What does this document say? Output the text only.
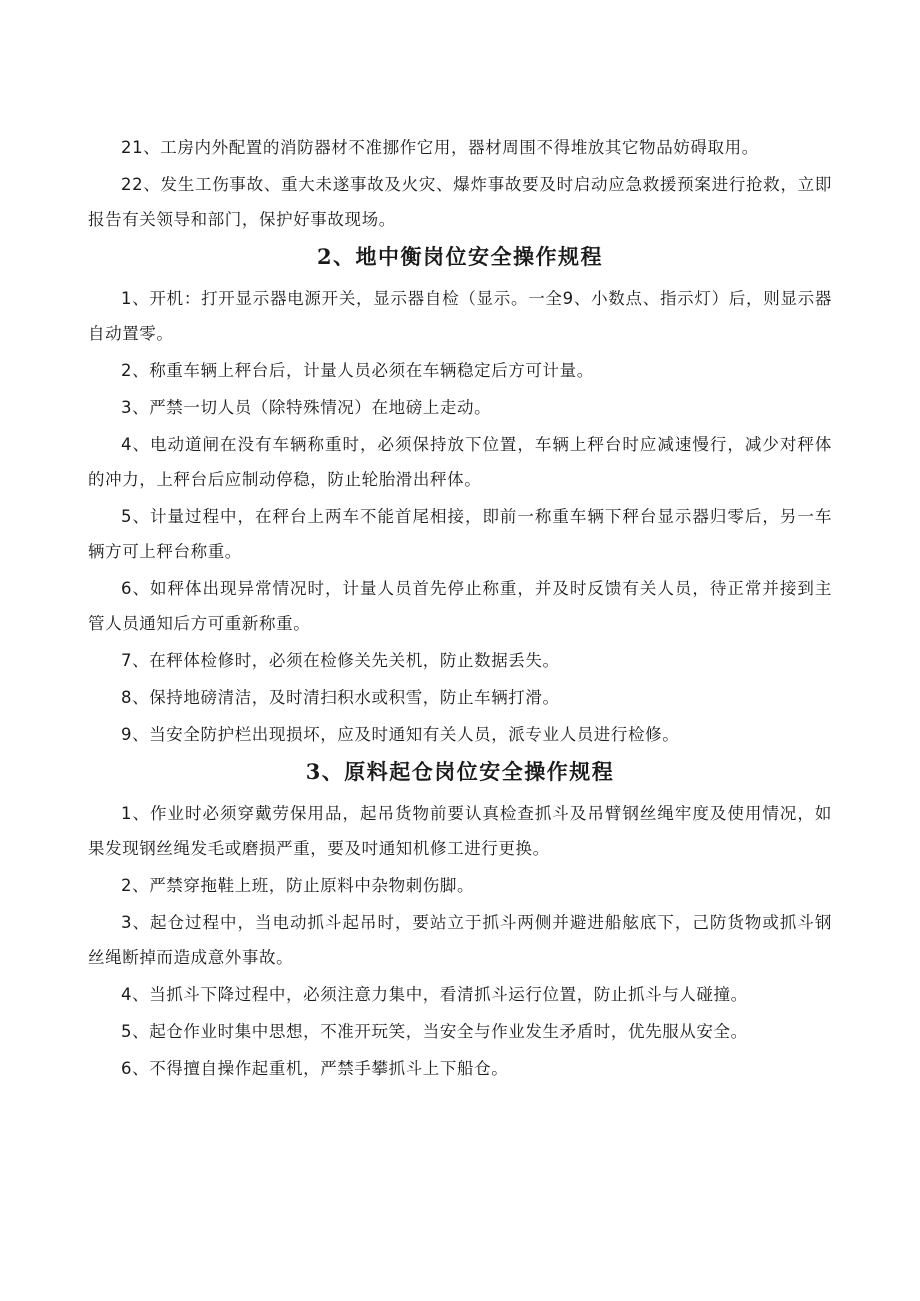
21、工房内外配置的消防器材不准挪作它用，器材周围不得堆放其它物品妨碍取用。

22、发生工伤事故、重大未遂事故及火灾、爆炸事故要及时启动应急救援预案进行抢救，立即报告有关领导和部门，保护好事故现场。

2、地中衡岗位安全操作规程

1、开机：打开显示器电源开关，显示器自检（显示。一全9、小数点、指示灯）后，则显示器自动置零。

2、称重车辆上秤台后，计量人员必须在车辆稳定后方可计量。

3、严禁一切人员（除特殊情况）在地磅上走动。

4、电动道闸在没有车辆称重时，必须保持放下位置，车辆上秤台时应减速慢行，减少对秤体的冲力，上秤台后应制动停稳，防止轮胎滑出秤体。

5、计量过程中，在秤台上两车不能首尾相接，即前一称重车辆下秤台显示器归零后，另一车辆方可上秤台称重。

6、如秤体出现异常情况时，计量人员首先停止称重，并及时反馈有关人员，待正常并接到主管人员通知后方可重新称重。

7、在秤体检修时，必须在检修关先关机，防止数据丢失。

8、保持地磅清洁，及时清扫积水或积雪，防止车辆打滑。

9、当安全防护栏出现损坏，应及时通知有关人员，派专业人员进行检修。

3、原料起仓岗位安全操作规程

1、作业时必须穿戴劳保用品，起吊货物前要认真检查抓斗及吊臂钢丝绳牢度及使用情况，如果发现钢丝绳发毛或磨损严重，要及吋通知机修工进行更换。

2、严禁穿拖鞋上班，防止原料中杂物刺伤脚。

3、起仓过程中，当电动抓斗起吊时，要站立于抓斗两侧并避进船舷底下，己防货物或抓斗钢丝绳断掉而造成意外事故。

4、当抓斗下降过程中，必须注意力集中，看清抓斗运行位置，防止抓斗与人碰撞。

5、起仓作业时集中思想，不准开玩笑，当安全与作业发生矛盾时，优先服从安全。

6、不得擅自操作起重机，严禁手攀抓斗上下船仓。
